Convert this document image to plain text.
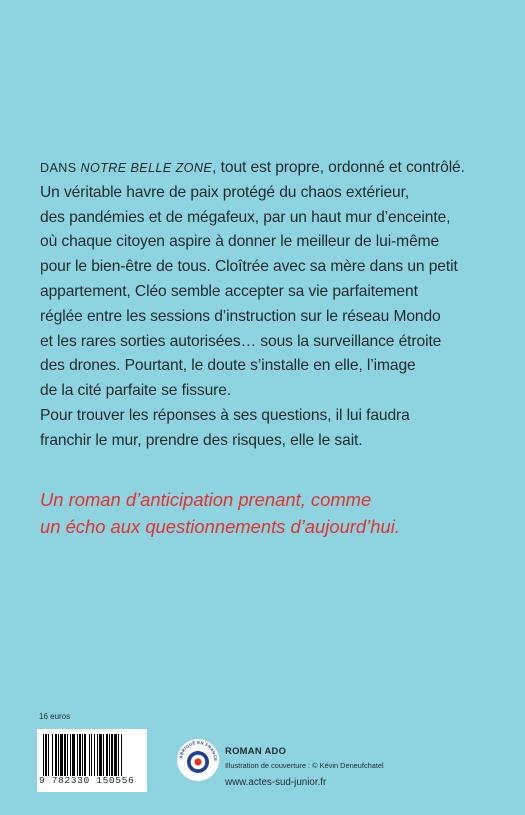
DANS NOTRE BELLE ZONE, tout est propre, ordonné et contrôlé.

Un véritable havre de paix protégé du chaos extérieur,
des pandémies et de mégafeux, par un haut mur d’enceinte,
où chaque citoyen aspire à donner le meilleur de lui-même
pour le bien-être de tous. Cloîtrée avec sa mère dans un petit
appartement, Cléo semble accepter sa vie parfaitement
réglée entre les sessions d’instruction sur le réseau Mondo
et les rares sorties autorisées… sous la surveillance étroite
des drones. Pourtant, le doute s’installe en elle, l’image
de la cité parfaite se fissure.
Pour trouver les réponses à ses questions, il lui faudra
franchir le mur, prendre des risques, elle le sait.
Un roman d’anticipation prenant, comme
un écho aux questionnements d’aujourd’hui.
16 euros
9 782330 150556
ABRIQUÉ EN FRANCE
ROMAN ADO
Illustration de couverture : © Kévin Deneufchatel
www.actes-sud-junior.fr
